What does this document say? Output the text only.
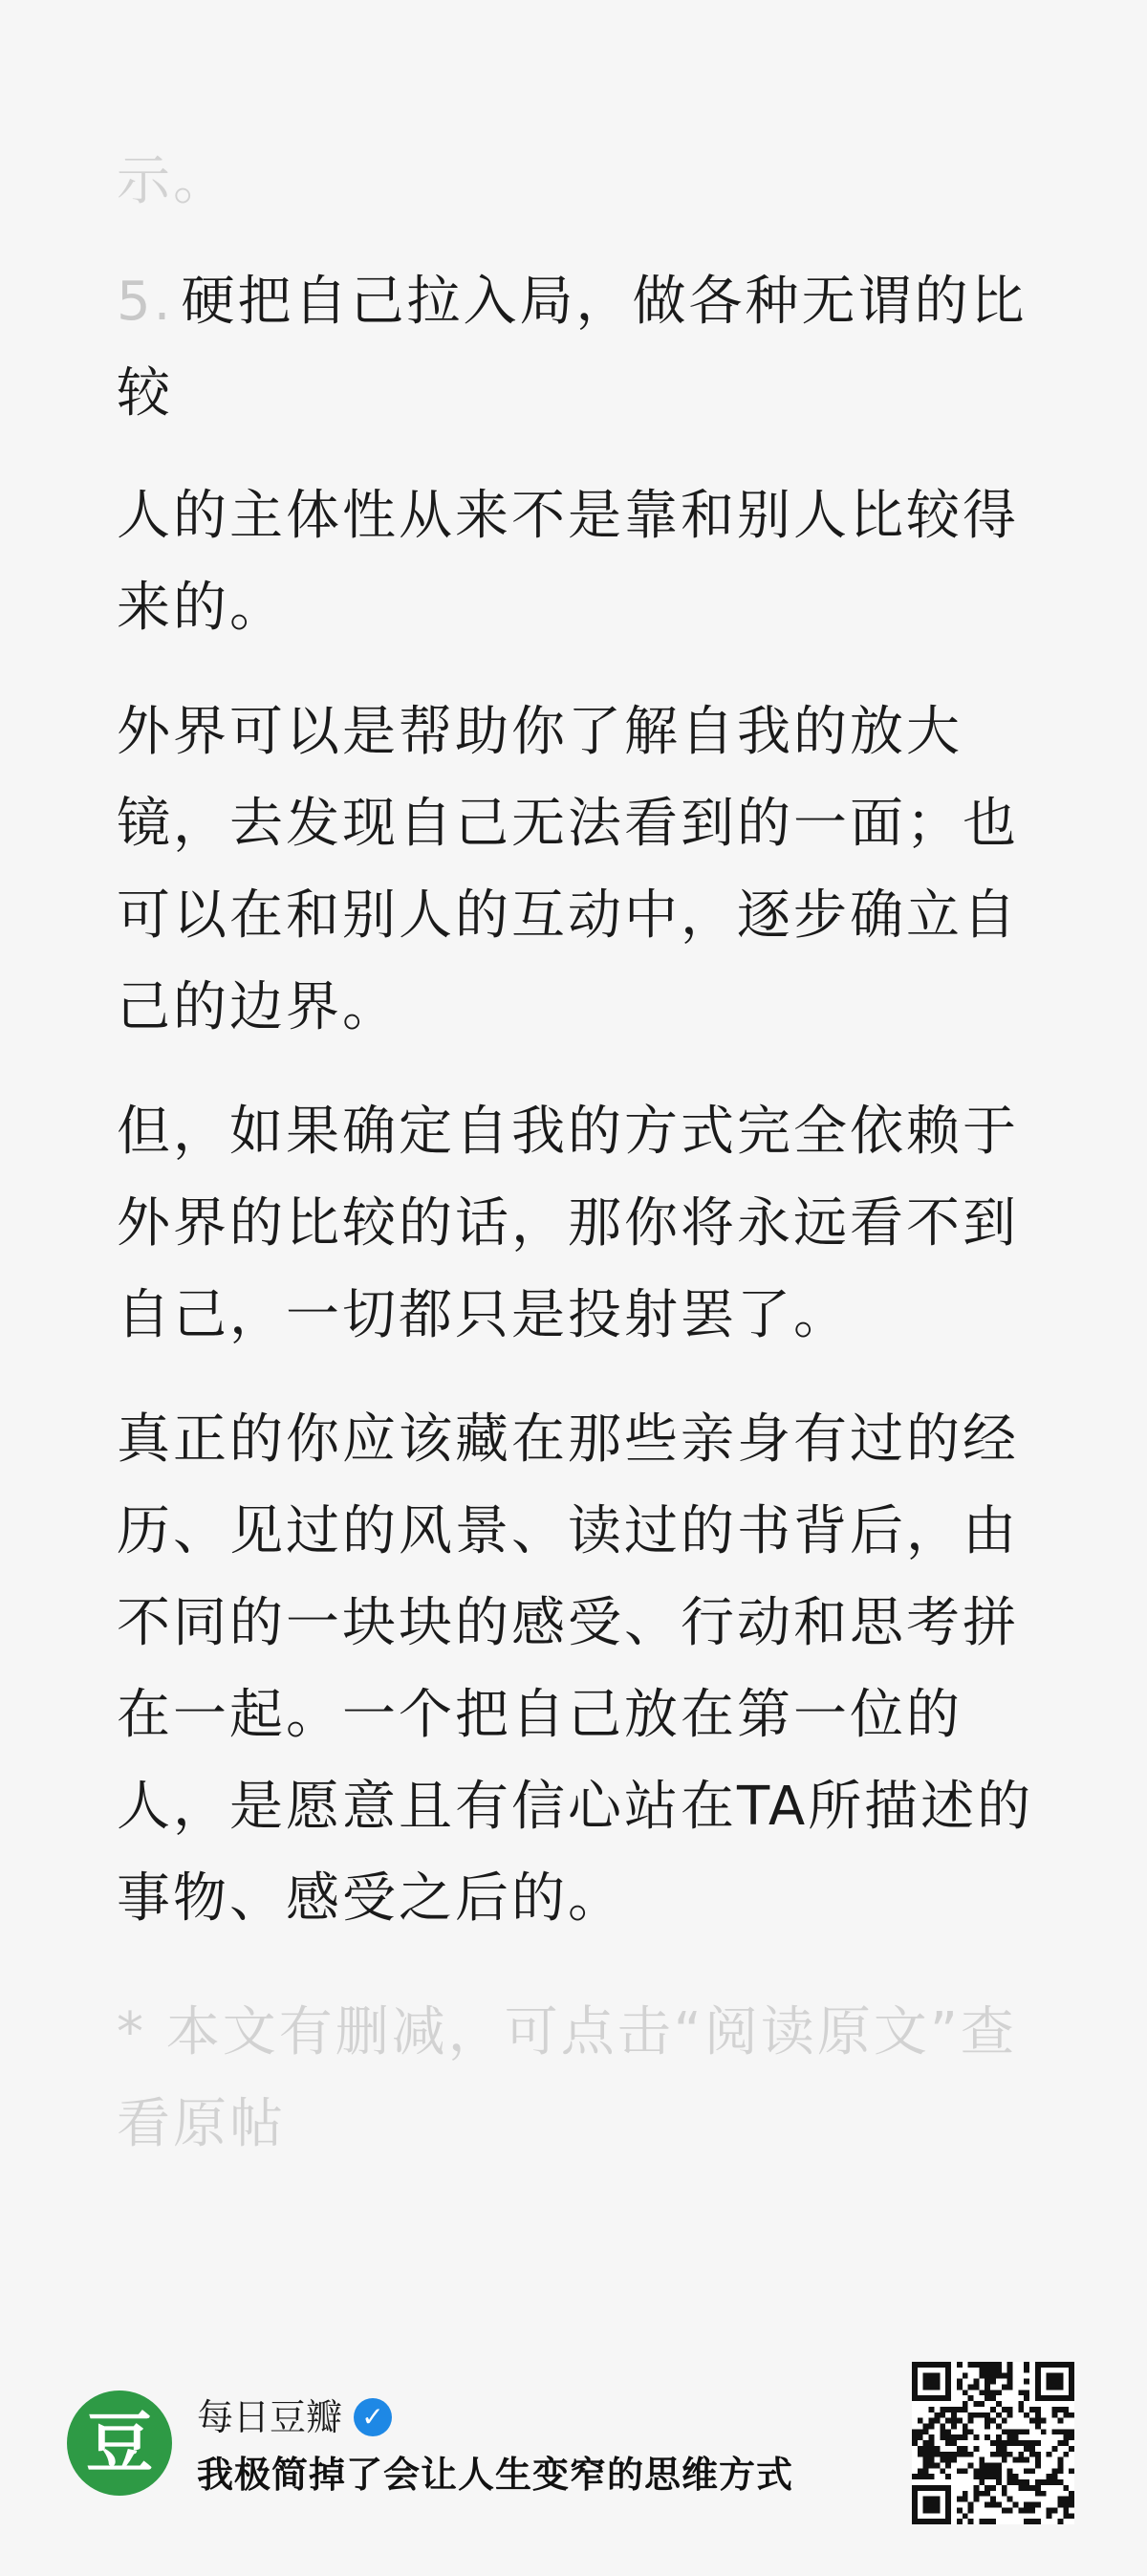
示。

5. 硬把自己拉入局，做各种无谓的比较

人的主体性从来不是靠和别人比较得来的。

外界可以是帮助你了解自我的放大镜，去发现自己无法看到的一面；也可以在和别人的互动中，逐步确立自己的边界。

但，如果确定自我的方式完全依赖于外界的比较的话，那你将永远看不到自己，一切都只是投射罢了。

真正的你应该藏在那些亲身有过的经历、见过的风景、读过的书背后，由不同的一块块的感受、行动和思考拼在一起。一个把自己放在第一位的人，是愿意且有信心站在TA所描述的事物、感受之后的。

* 本文有删减，可点击“阅读原文”查看原帖

豆	每日豆瓣 ✓
我极简掉了会让人生变窄的思维方式
